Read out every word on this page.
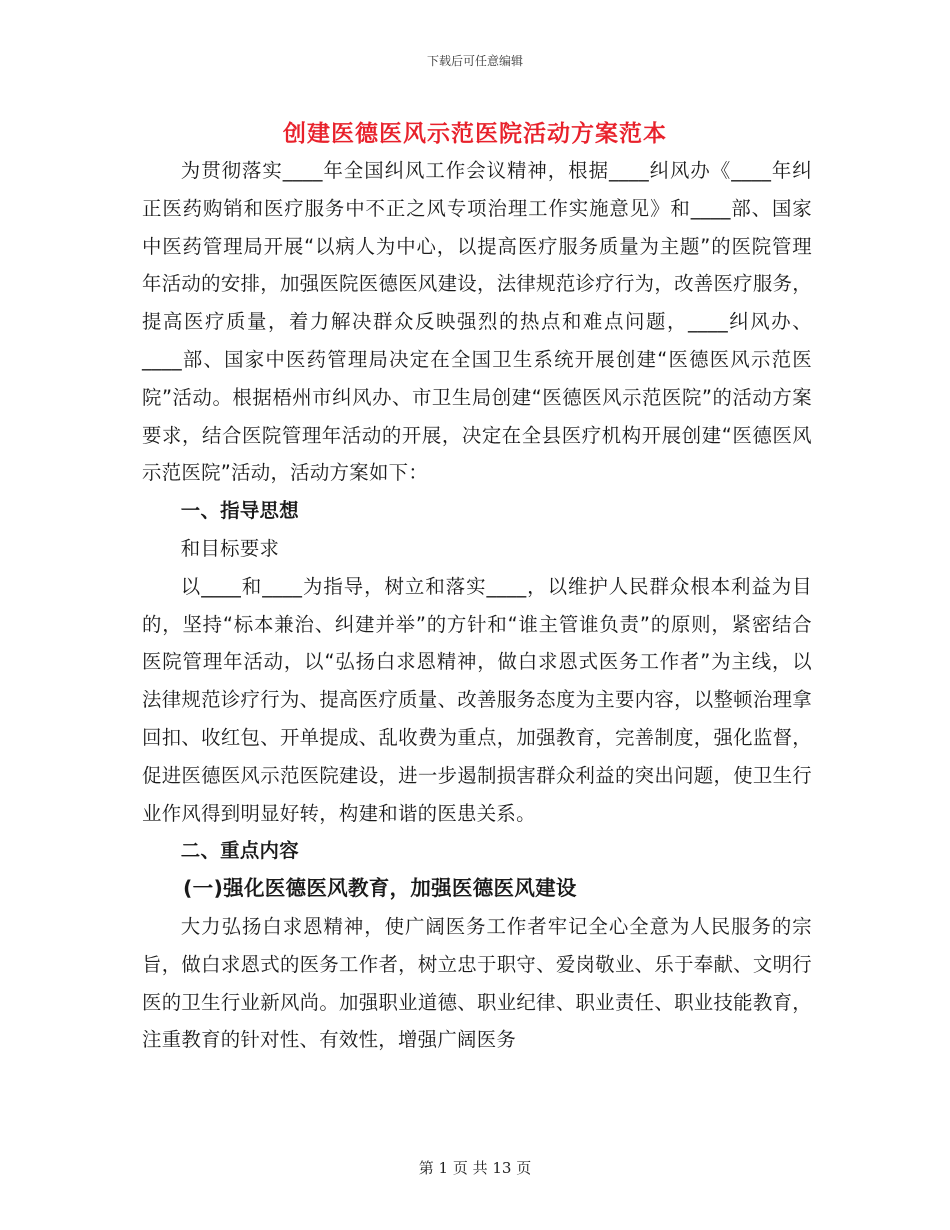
下载后可任意编辑
创建医德医风示范医院活动方案范本

为贯彻落实____年全国纠风工作会议精神，根据____纠风办《____年纠正医药购销和医疗服务中不正之风专项治理工作实施意见》和____部、国家中医药管理局开展“以病人为中心，以提高医疗服务质量为主题”的医院管理年活动的安排，加强医院医德医风建设，法律规范诊疗行为，改善医疗服务，提高医疗质量，着力解决群众反映强烈的热点和难点问题，____纠风办、____部、国家中医药管理局决定在全国卫生系统开展创建“医德医风示范医院”活动。根据梧州市纠风办、市卫生局创建“医德医风示范医院”的活动方案要求，结合医院管理年活动的开展，决定在全县医疗机构开展创建“医德医风示范医院”活动，活动方案如下：

一、指导思想

和目标要求

以____和____为指导，树立和落实____，以维护人民群众根本利益为目的，坚持“标本兼治、纠建并举”的方针和“谁主管谁负责”的原则，紧密结合医院管理年活动，以“弘扬白求恩精神，做白求恩式医务工作者”为主线，以法律规范诊疗行为、提高医疗质量、改善服务态度为主要内容，以整顿治理拿回扣、收红包、开单提成、乱收费为重点，加强教育，完善制度，强化监督，促进医德医风示范医院建设，进一步遏制损害群众利益的突出问题，使卫生行业作风得到明显好转，构建和谐的医患关系。

二、重点内容

(一)强化医德医风教育，加强医德医风建设

大力弘扬白求恩精神，使广阔医务工作者牢记全心全意为人民服务的宗旨，做白求恩式的医务工作者，树立忠于职守、爱岗敬业、乐于奉献、文明行医的卫生行业新风尚。加强职业道德、职业纪律、职业责任、职业技能教育，注重教育的针对性、有效性，增强广阔医务

第 1 页 共 13 页
